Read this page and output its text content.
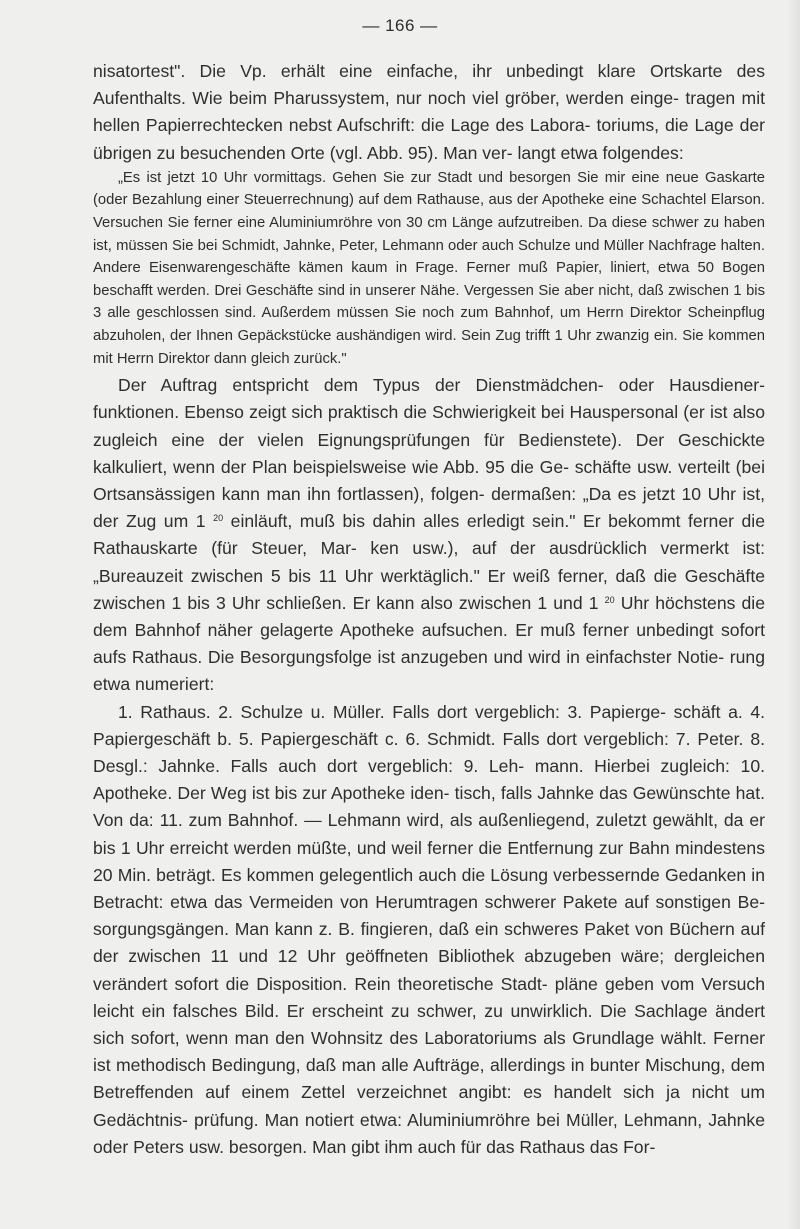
— 166 —

nisatortest". Die Vp. erhält eine einfache, ihr unbedingt klare Ortskarte des Aufenthalts. Wie beim Pharussystem, nur noch viel gröber, werden einge- tragen mit hellen Papierrechtecken nebst Aufschrift: die Lage des Labora- toriums, die Lage der übrigen zu besuchenden Orte (vgl. Abb. 95). Man ver- langt etwa folgendes:

„Es ist jetzt 10 Uhr vormittags. Gehen Sie zur Stadt und besorgen Sie mir eine neue Gaskarte (oder Bezahlung einer Steuerrechnung) auf dem Rathause, aus der Apotheke eine Schachtel Elarson. Versuchen Sie ferner eine Aluminiumröhre von 30 cm Länge aufzutreiben. Da diese schwer zu haben ist, müssen Sie bei Schmidt, Jahnke, Peter, Lehmann oder auch Schulze und Müller Nachfrage halten. Andere Eisenwarengeschäfte kämen kaum in Frage. Ferner muß Papier, liniert, etwa 50 Bogen beschafft werden. Drei Geschäfte sind in unserer Nähe. Vergessen Sie aber nicht, daß zwischen 1 bis 3 alle geschlossen sind. Außerdem müssen Sie noch zum Bahnhof, um Herrn Direktor Scheinpflug abzuholen, der Ihnen Gepäckstücke aushändigen wird. Sein Zug trifft 1 Uhr zwanzig ein. Sie kommen mit Herrn Direktor dann gleich zurück."

Der Auftrag entspricht dem Typus der Dienstmädchen- oder Hausdiener- funktionen. Ebenso zeigt sich praktisch die Schwierigkeit bei Hauspersonal (er ist also zugleich eine der vielen Eignungsprüfungen für Bedienstete). Der Geschickte kalkuliert, wenn der Plan beispielsweise wie Abb. 95 die Ge- schäfte usw. verteilt (bei Ortsansässigen kann man ihn fortlassen), folgen- dermaßen: „Da es jetzt 10 Uhr ist, der Zug um 1 $^{20}$ einläuft, muß bis dahin alles erledigt sein." Er bekommt ferner die Rathauskarte (für Steuer, Mar- ken usw.), auf der ausdrücklich vermerkt ist: „Bureauzeit zwischen 5 bis 11 Uhr werktäglich." Er weiß ferner, daß die Geschäfte zwischen 1 bis 3 Uhr schließen. Er kann also zwischen 1 und 1 $^{20}$ Uhr höchstens die dem Bahnhof näher gelagerte Apotheke aufsuchen. Er muß ferner unbedingt sofort aufs Rathaus. Die Besorgungsfolge ist anzugeben und wird in einfachster Notie- rung etwa numeriert:

1. Rathaus. 2. Schulze u. Müller. Falls dort vergeblich: 3. Papierge- schäft a. 4. Papiergeschäft b. 5. Papiergeschäft c. 6. Schmidt. Falls dort vergeblich: 7. Peter. 8. Desgl.: Jahnke. Falls auch dort vergeblich: 9. Leh- mann. Hierbei zugleich: 10. Apotheke. Der Weg ist bis zur Apotheke iden- tisch, falls Jahnke das Gewünschte hat. Von da: 11. zum Bahnhof. — Lehmann wird, als außenliegend, zuletzt gewählt, da er bis 1 Uhr erreicht werden müßte, und weil ferner die Entfernung zur Bahn mindestens 20 Min. beträgt. Es kommen gelegentlich auch die Lösung verbessernde Gedanken in Betracht: etwa das Vermeiden von Herumtragen schwerer Pakete auf sonstigen Be- sorgungsgängen. Man kann z. B. fingieren, daß ein schweres Paket von Büchern auf der zwischen 11 und 12 Uhr geöffneten Bibliothek abzugeben wäre; dergleichen verändert sofort die Disposition. Rein theoretische Stadt- pläne geben vom Versuch leicht ein falsches Bild. Er erscheint zu schwer, zu unwirklich. Die Sachlage ändert sich sofort, wenn man den Wohnsitz des Laboratoriums als Grundlage wählt. Ferner ist methodisch Bedingung, daß man alle Aufträge, allerdings in bunter Mischung, dem Betreffenden auf einem Zettel verzeichnet angibt: es handelt sich ja nicht um Gedächtnis- prüfung. Man notiert etwa: Aluminiumröhre bei Müller, Lehmann, Jahnke oder Peters usw. besorgen. Man gibt ihm auch für das Rathaus das For-
